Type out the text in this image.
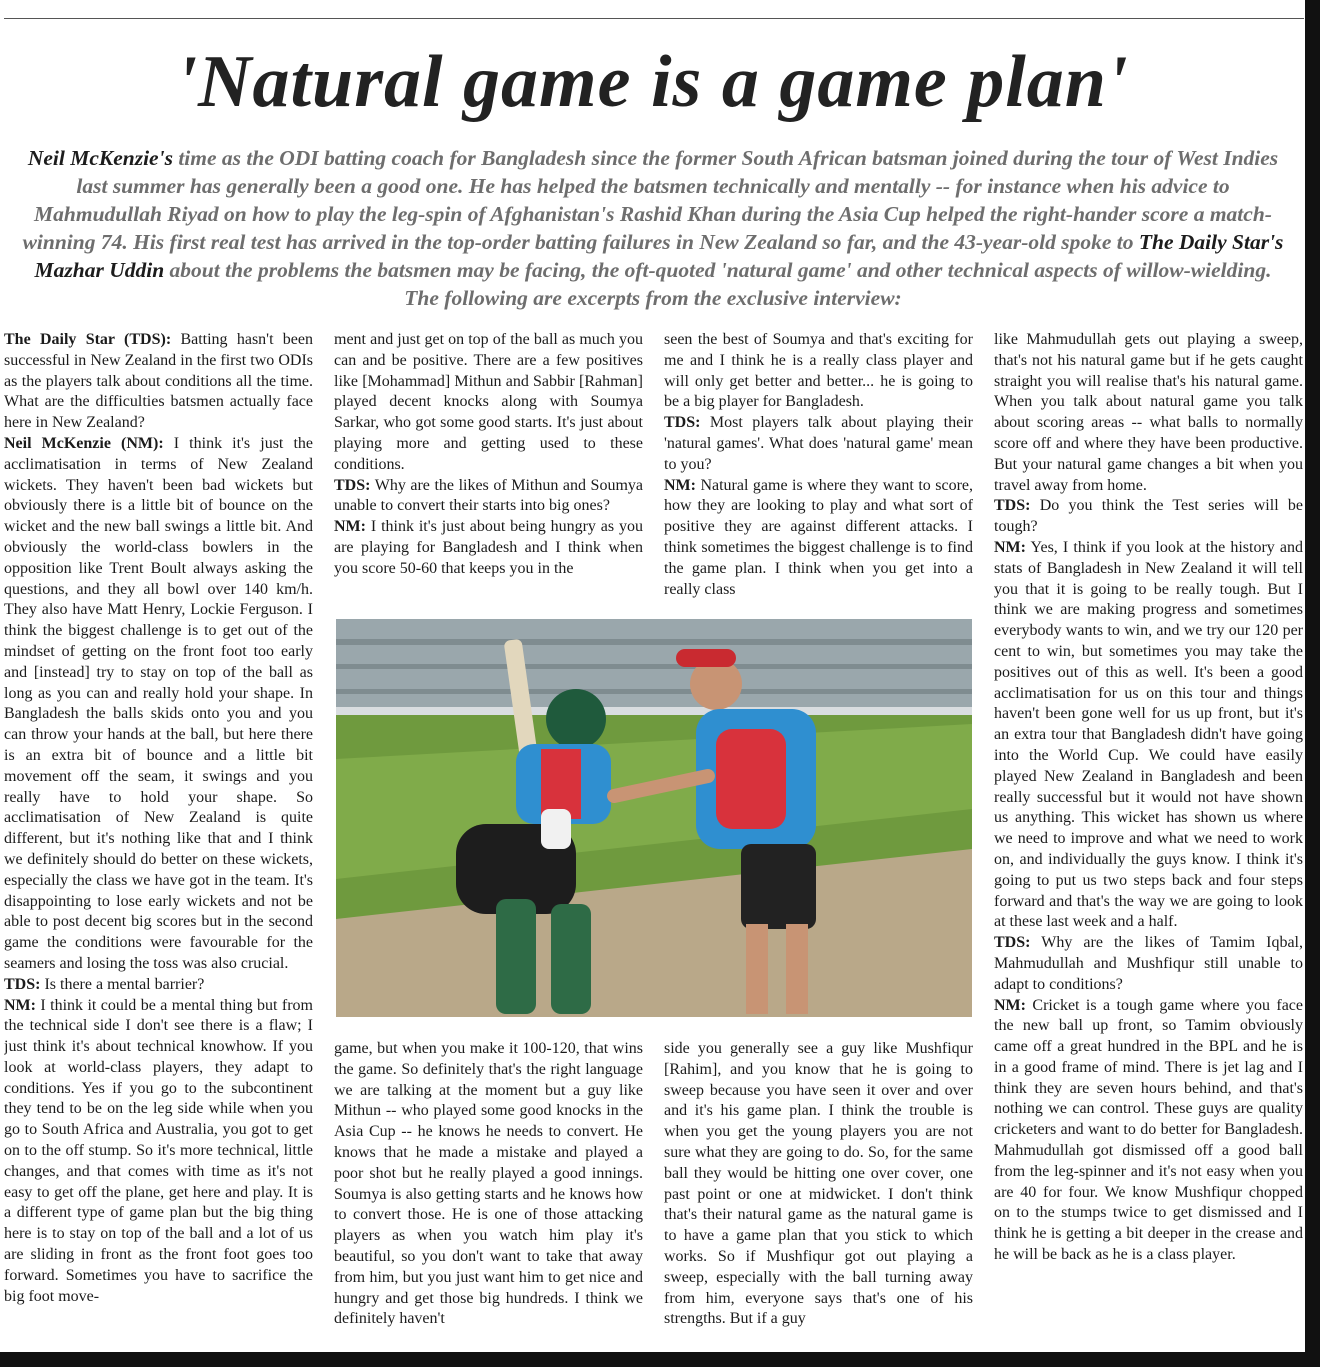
'Natural game is a game plan'

Neil McKenzie's time as the ODI batting coach for Bangladesh since the former South African batsman joined during the tour of West Indies last summer has generally been a good one. He has helped the batsmen technically and mentally -- for instance when his advice to Mahmudullah Riyad on how to play the leg-spin of Afghanistan's Rashid Khan during the Asia Cup helped the right-hander score a match-winning 74. His first real test has arrived in the top-order batting failures in New Zealand so far, and the 43-year-old spoke to The Daily Star's Mazhar Uddin about the problems the batsmen may be facing, the oft-quoted 'natural game' and other technical aspects of willow-wielding. The following are excerpts from the exclusive interview:

The Daily Star (TDS): Batting hasn't been successful in New Zealand in the first two ODIs as the players talk about conditions all the time. What are the difficulties batsmen actually face here in New Zealand?

Neil McKenzie (NM): I think it's just the acclimatisation in terms of New Zealand wickets. They haven't been bad wickets but obviously there is a little bit of bounce on the wicket and the new ball swings a little bit. And obviously the world-class bowlers in the opposition like Trent Boult always asking the questions, and they all bowl over 140 km/h. They also have Matt Henry, Lockie Ferguson. I think the biggest challenge is to get out of the mindset of getting on the front foot too early and [instead] try to stay on top of the ball as long as you can and really hold your shape. In Bangladesh the balls skids onto you and you can throw your hands at the ball, but here there is an extra bit of bounce and a little bit movement off the seam, it swings and you really have to hold your shape. So acclimatisation of New Zealand is quite different, but it's nothing like that and I think we definitely should do better on these wickets, especially the class we have got in the team. It's disappointing to lose early wickets and not be able to post decent big scores but in the second game the conditions were favourable for the seamers and losing the toss was also crucial.

TDS: Is there a mental barrier?

NM: I think it could be a mental thing but from the technical side I don't see there is a flaw; I just think it's about technical knowhow. If you look at world-class players, they adapt to conditions. Yes if you go to the subcontinent they tend to be on the leg side while when you go to South Africa and Australia, you got to get on to the off stump. So it's more technical, little changes, and that comes with time as it's not easy to get off the plane, get here and play. It is a different type of game plan but the big thing here is to stay on top of the ball and a lot of us are sliding in front as the front foot goes too forward. Sometimes you have to sacrifice the big foot move-

ment and just get on top of the ball as much you can and be positive. There are a few positives like [Mohammad] Mithun and Sabbir [Rahman] played decent knocks along with Soumya Sarkar, who got some good starts. It's just about playing more and getting used to these conditions.

TDS: Why are the likes of Mithun and Soumya unable to convert their starts into big ones?

NM: I think it's just about being hungry as you are playing for Bangladesh and I think when you score 50-60 that keeps you in the

seen the best of Soumya and that's exciting for me and I think he is a really class player and will only get better and better... he is going to be a big player for Bangladesh.

TDS: Most players talk about playing their 'natural games'. What does 'natural game' mean to you?

NM: Natural game is where they want to score, how they are looking to play and what sort of positive they are against different attacks. I think sometimes the biggest challenge is to find the game plan. I think when you get into a really class

game, but when you make it 100-120, that wins the game. So definitely that's the right language we are talking at the moment but a guy like Mithun -- who played some good knocks in the Asia Cup -- he knows he needs to convert. He knows that he made a mistake and played a poor shot but he really played a good innings. Soumya is also getting starts and he knows how to convert those. He is one of those attacking players as when you watch him play it's beautiful, so you don't want to take that away from him, but you just want him to get nice and hungry and get those big hundreds. I think we definitely haven't

side you generally see a guy like Mushfiqur [Rahim], and you know that he is going to sweep because you have seen it over and over and it's his game plan. I think the trouble is when you get the young players you are not sure what they are going to do. So, for the same ball they would be hitting one over cover, one past point or one at midwicket. I don't think that's their natural game as the natural game is to have a game plan that you stick to which works. So if Mushfiqur got out playing a sweep, especially with the ball turning away from him, everyone says that's one of his strengths. But if a guy

like Mahmudullah gets out playing a sweep, that's not his natural game but if he gets caught straight you will realise that's his natural game. When you talk about natural game you talk about scoring areas -- what balls to normally score off and where they have been productive. But your natural game changes a bit when you travel away from home.

TDS: Do you think the Test series will be tough?

NM: Yes, I think if you look at the history and stats of Bangladesh in New Zealand it will tell you that it is going to be really tough. But I think we are making progress and sometimes everybody wants to win, and we try our 120 per cent to win, but sometimes you may take the positives out of this as well. It's been a good acclimatisation for us on this tour and things haven't been gone well for us up front, but it's an extra tour that Bangladesh didn't have going into the World Cup. We could have easily played New Zealand in Bangladesh and been really successful but it would not have shown us anything. This wicket has shown us where we need to improve and what we need to work on, and individually the guys know. I think it's going to put us two steps back and four steps forward and that's the way we are going to look at these last week and a half.

TDS: Why are the likes of Tamim Iqbal, Mahmudullah and Mushfiqur still unable to adapt to conditions?

NM: Cricket is a tough game where you face the new ball up front, so Tamim obviously came off a great hundred in the BPL and he is in a good frame of mind. There is jet lag and I think they are seven hours behind, and that's nothing we can control. These guys are quality cricketers and want to do better for Bangladesh. Mahmudullah got dismissed off a good ball from the leg-spinner and it's not easy when you are 40 for four. We know Mushfiqur chopped on to the stumps twice to get dismissed and I think he is getting a bit deeper in the crease and he will be back as he is a class player.
